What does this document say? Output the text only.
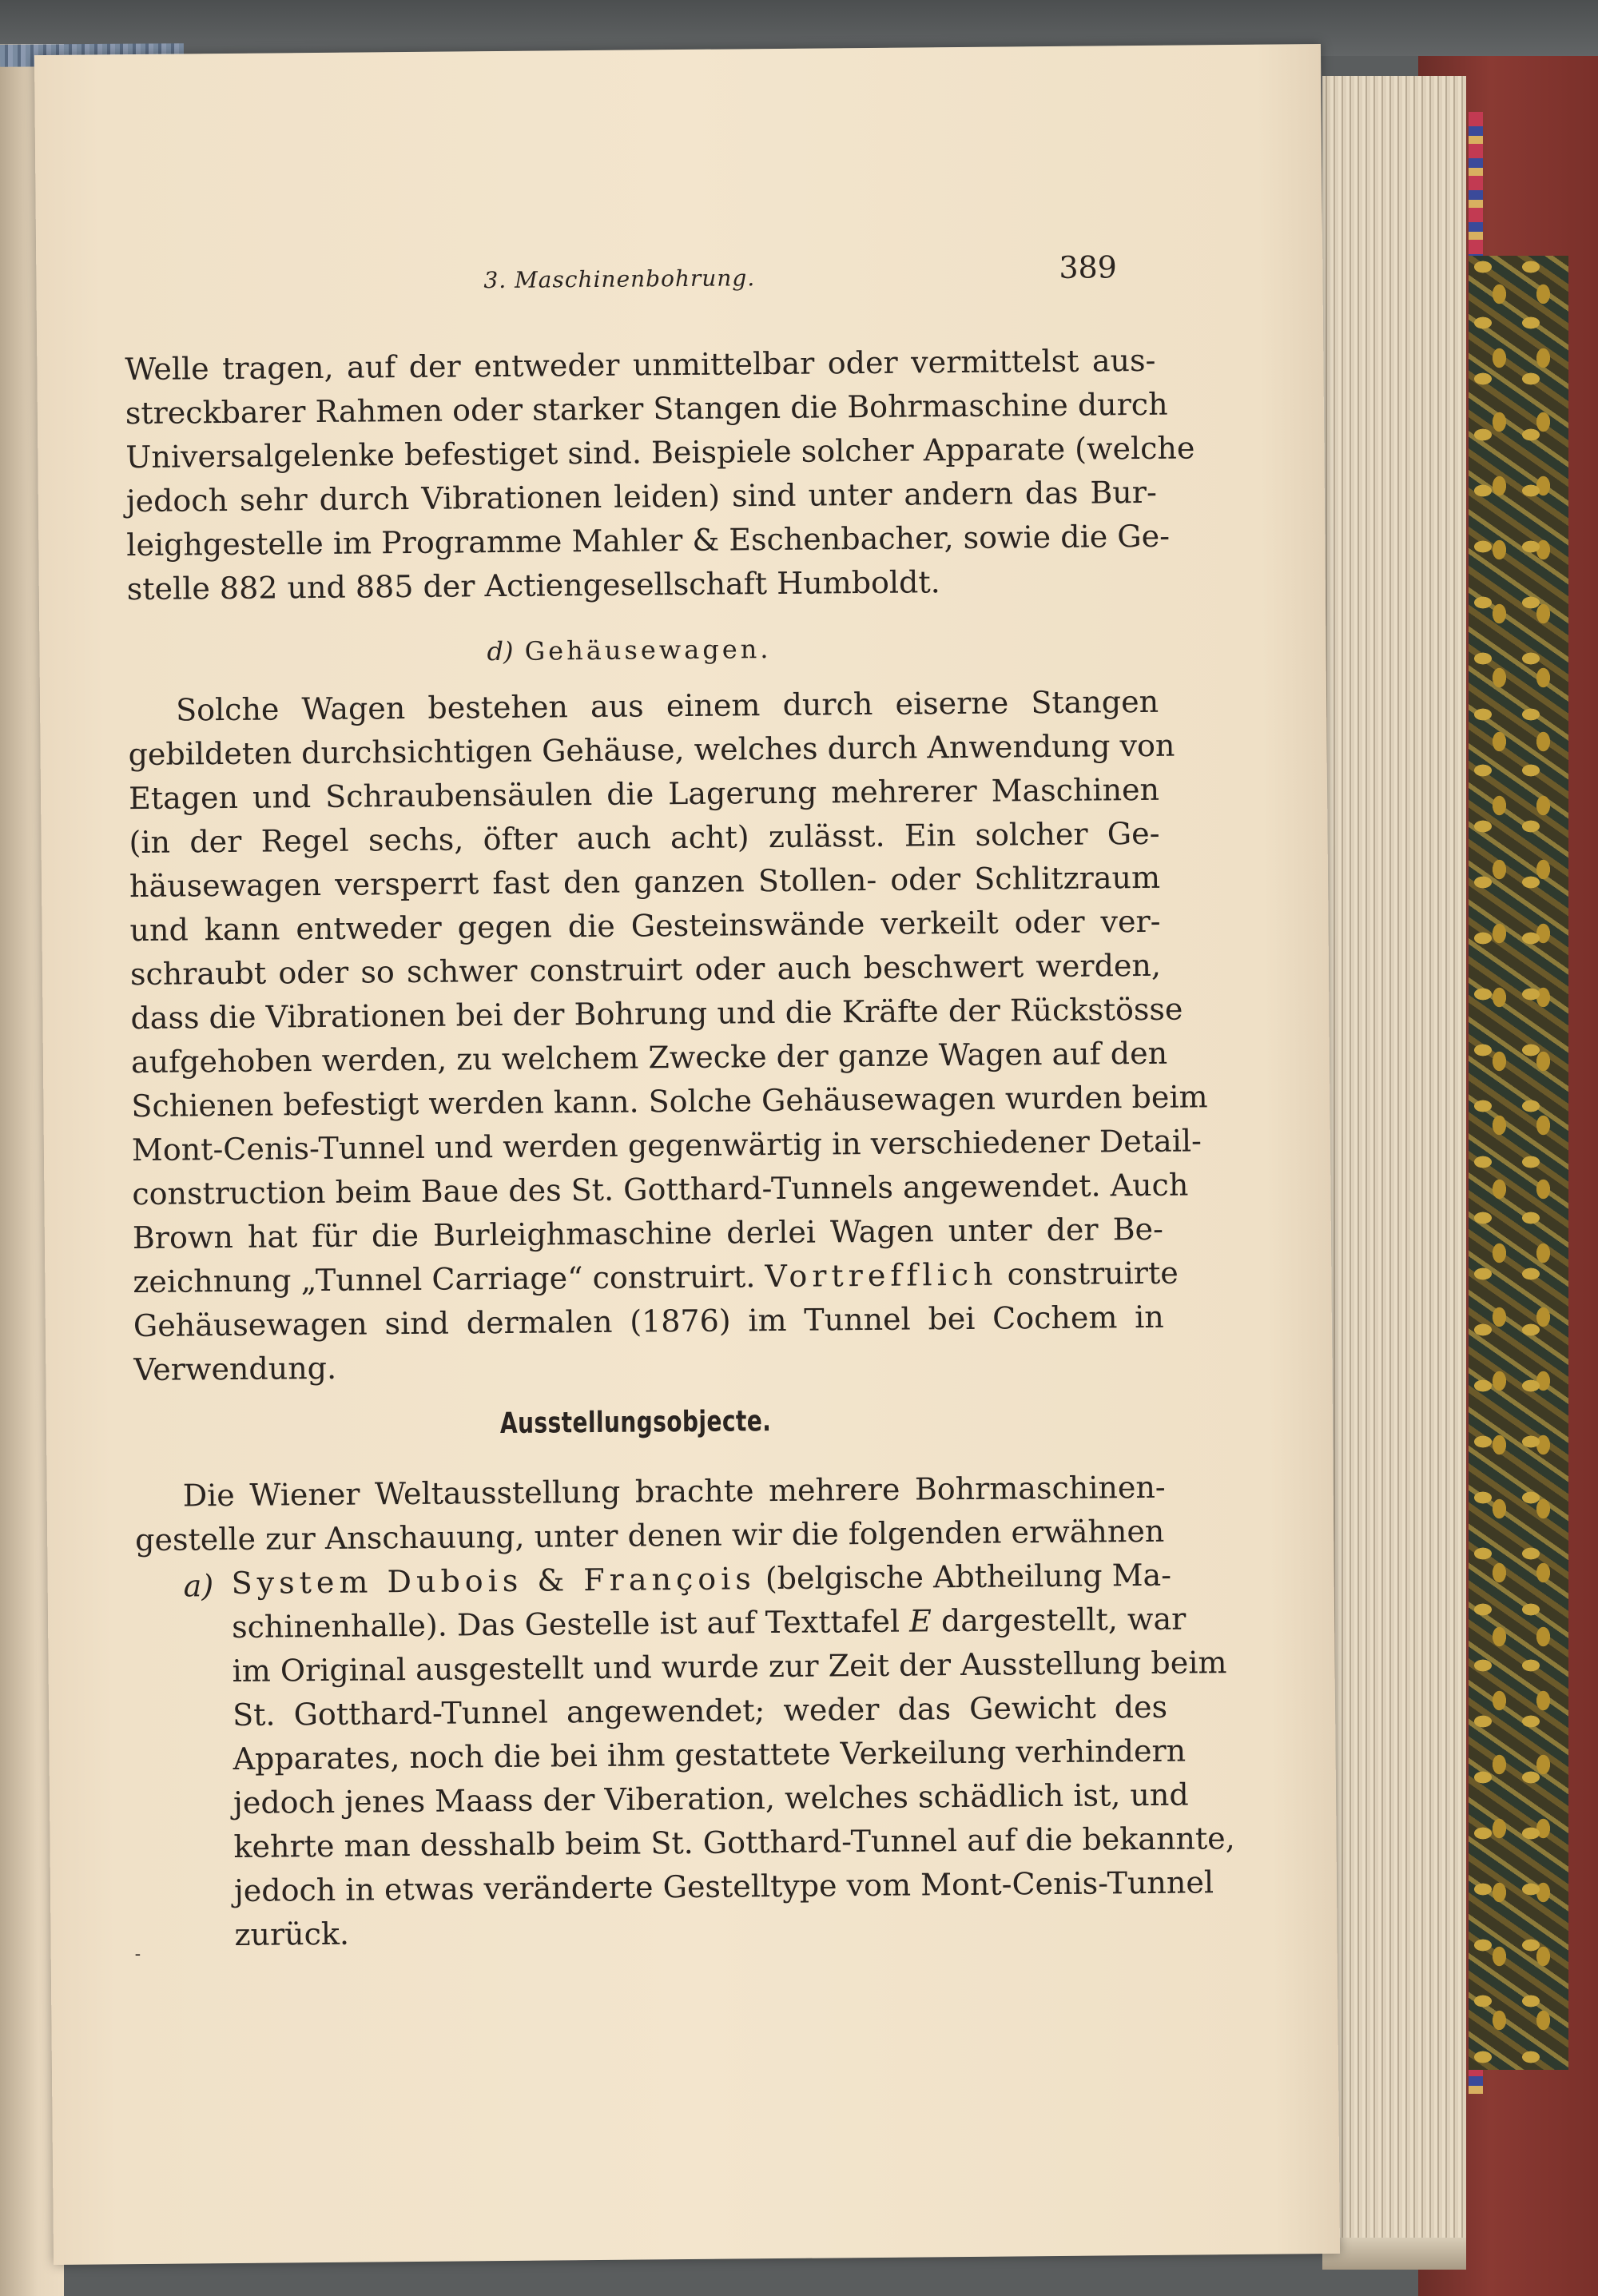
3. Maschinenbohrung.	389
Welle tragen, auf der entweder unmittelbar oder vermittelst aus-
streckbarer Rahmen oder starker Stangen die Bohrmaschine durch
Universalgelenke befestiget sind. Beispiele solcher Apparate (welche
jedoch sehr durch Vibrationen leiden) sind unter andern das Bur-
leighgestelle im Programme Mahler & Eschenbacher, sowie die Ge-
stelle 882 und 885 der Actiengesellschaft Humboldt.
d) Gehäusewagen.
Solche Wagen bestehen aus einem durch eiserne Stangen
gebildeten durchsichtigen Gehäuse, welches durch Anwendung von
Etagen und Schraubensäulen die Lagerung mehrerer Maschinen
(in der Regel sechs, öfter auch acht) zulässt. Ein solcher Ge-
häusewagen versperrt fast den ganzen Stollen- oder Schlitzraum
und kann entweder gegen die Gesteinswände verkeilt oder ver-
schraubt oder so schwer construirt oder auch beschwert werden,
dass die Vibrationen bei der Bohrung und die Kräfte der Rückstösse
aufgehoben werden, zu welchem Zwecke der ganze Wagen auf den
Schienen befestigt werden kann. Solche Gehäusewagen wurden beim
Mont-Cenis-Tunnel und werden gegenwärtig in verschiedener Detail-
construction beim Baue des St. Gotthard-Tunnels angewendet. Auch
Brown hat für die Burleighmaschine derlei Wagen unter der Be-
zeichnung „Tunnel Carriage“ construirt. Vortrefflich construirte
Gehäusewagen sind dermalen (1876) im Tunnel bei Cochem in
Verwendung.
Ausstellungsobjecte.
Die Wiener Weltausstellung brachte mehrere Bohrmaschinen-
gestelle zur Anschauung, unter denen wir die folgenden erwähnen
a) System Dubois & François (belgische Abtheilung Ma-
schinenhalle). Das Gestelle ist auf Texttafel E dargestellt, war
im Original ausgestellt und wurde zur Zeit der Ausstellung beim
St. Gotthard-Tunnel angewendet; weder das Gewicht des
Apparates, noch die bei ihm gestattete Verkeilung verhindern
jedoch jenes Maass der Viberation, welches schädlich ist, und
kehrte man desshalb beim St. Gotthard-Tunnel auf die bekannte,
jedoch in etwas veränderte Gestelltype vom Mont-Cenis-Tunnel
zurück.
-
